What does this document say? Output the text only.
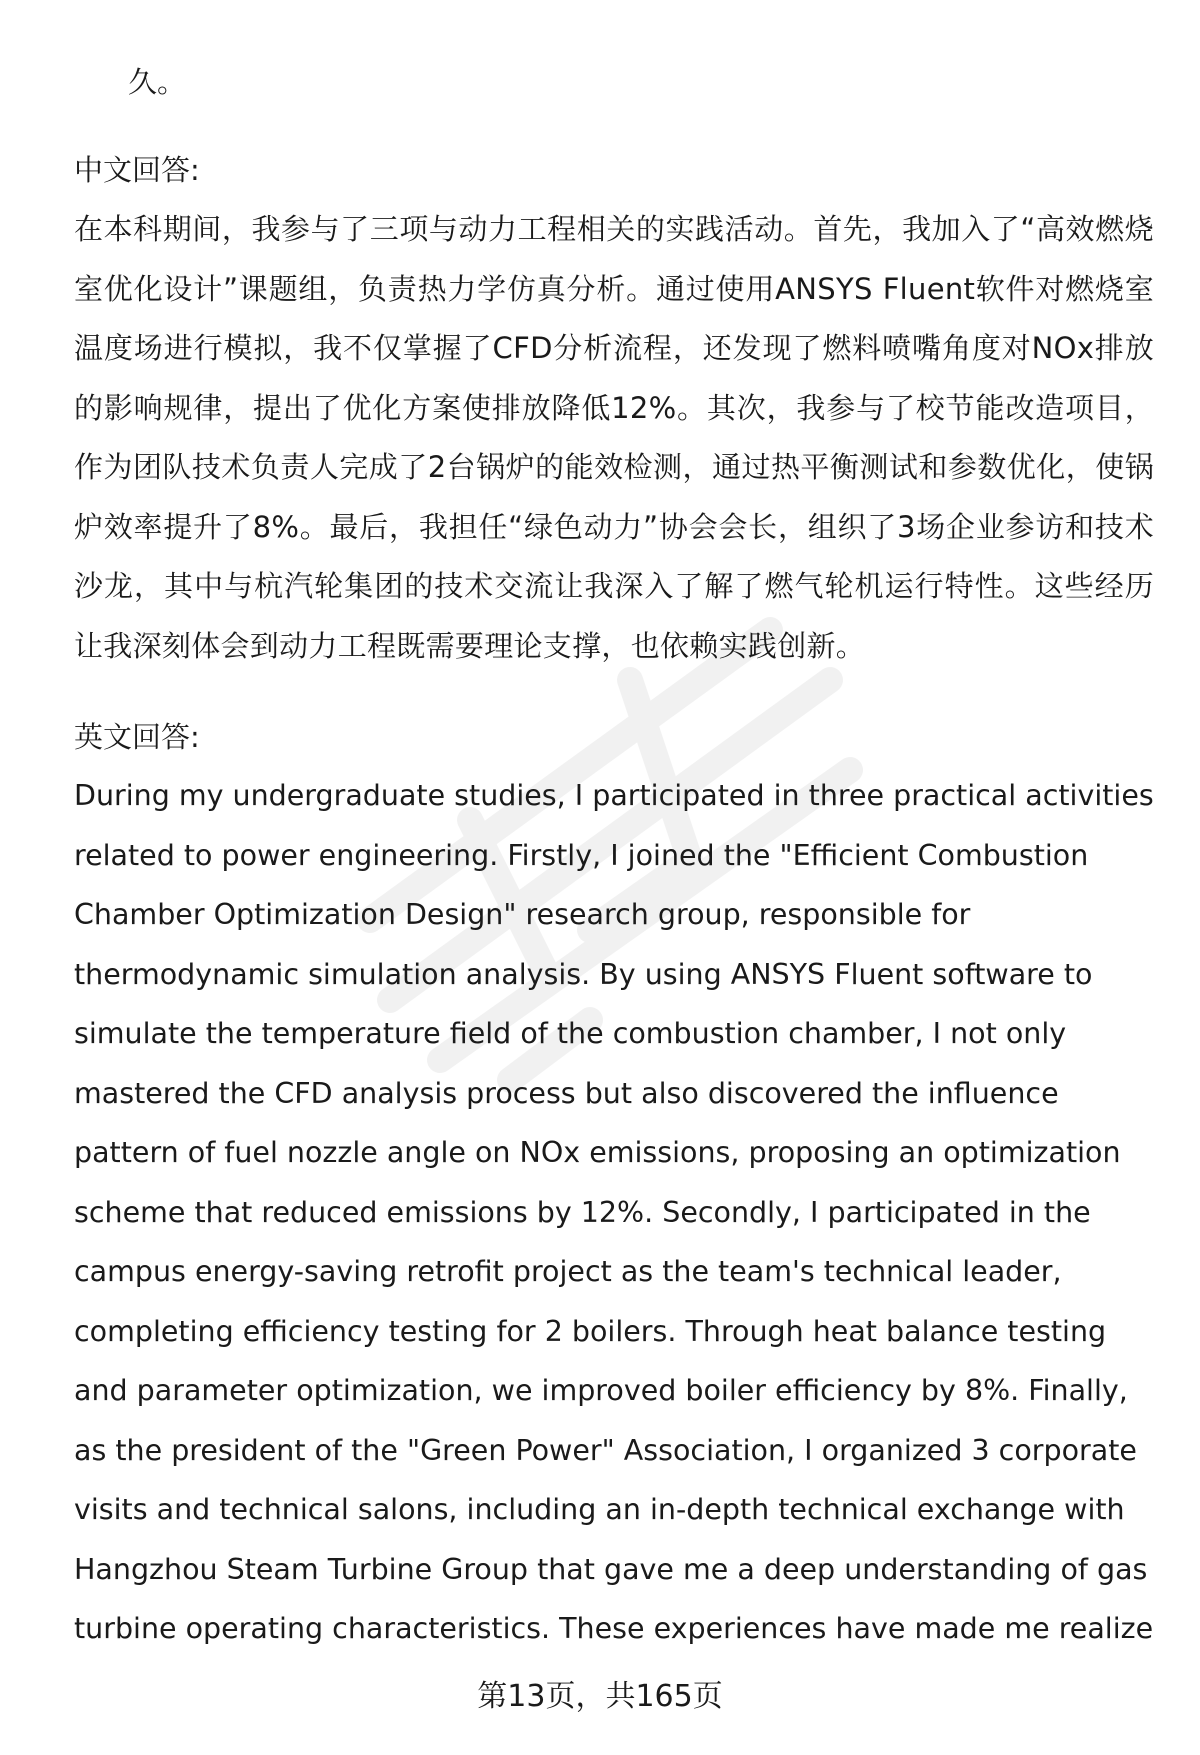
久。

中文回答:

在本科期间，我参与了三项与动力工程相关的实践活动。首先，我加入了“高效燃烧室优化设计”课题组，负责热力学仿真分析。通过使用ANSYS Fluent软件对燃烧室温度场进行模拟，我不仅掌握了CFD分析流程，还发现了燃料喷嘴角度对NOx排放的影响规律，提出了优化方案使排放降低12%。其次，我参与了校节能改造项目，作为团队技术负责人完成了2台锅炉的能效检测，通过热平衡测试和参数优化，使锅炉效率提升了8%。最后，我担任“绿色动力”协会会长，组织了3场企业参访和技术沙龙，其中与杭汽轮集团的技术交流让我深入了解了燃气轮机运行特性。这些经历让我深刻体会到动力工程既需要理论支撑，也依赖实践创新。

英文回答:

During my undergraduate studies, I participated in three practical activities related to power engineering. Firstly, I joined the "Efficient Combustion Chamber Optimization Design" research group, responsible for thermodynamic simulation analysis. By using ANSYS Fluent software to simulate the temperature field of the combustion chamber, I not only mastered the CFD analysis process but also discovered the influence pattern of fuel nozzle angle on NOx emissions, proposing an optimization scheme that reduced emissions by 12%. Secondly, I participated in the campus energy-saving retrofit project as the team's technical leader, completing efficiency testing for 2 boilers. Through heat balance testing and parameter optimization, we improved boiler efficiency by 8%. Finally, as the president of the "Green Power" Association, I organized 3 corporate visits and technical salons, including an in-depth technical exchange with Hangzhou Steam Turbine Group that gave me a deep understanding of gas turbine operating characteristics. These experiences have made me realize

第13页，共165页
